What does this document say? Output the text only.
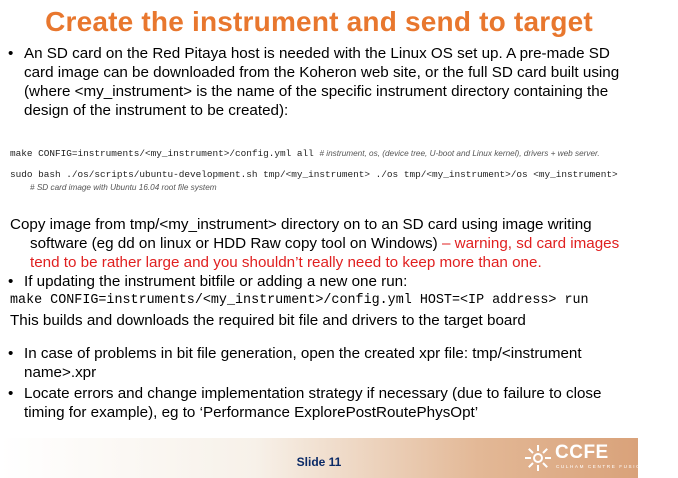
Create the instrument and send to target
• An SD card on the Red Pitaya host is needed with the Linux OS set up. A pre-made SD card image can be downloaded from the Koheron web site, or the full SD card built using (where <my_instrument> is the name of the specific instrument directory containing the design of the instrument to be created):
make CONFIG=instruments/<my_instrument>/config.yml all # instrument, os, (device tree, U-boot and Linux kernel), drivers + web server.
sudo bash ./os/scripts/ubuntu-development.sh tmp/<my_instrument> ./os tmp/<my_instrument>/os <my_instrument>
# SD card image with Ubuntu 16.04 root file system
Copy image from tmp/<my_instrument> directory on to an SD card using image writing
software (eg dd on linux or HDD Raw copy tool on Windows) – warning, sd card images
tend to be rather large and you shouldn’t really need to keep more than one.
• If updating the instrument bitfile or adding a new one run:
make CONFIG=instruments/<my_instrument>/config.yml HOST=<IP address> run
This builds and downloads the required bit file and drivers to the target board
• In case of problems in bit file generation, open the created xpr file: tmp/<instrument
name>.xpr
• Locate errors and change implementation strategy if necessary (due to failure to close
timing for example), eg to ‘Performance ExplorePostRoutePhysOpt’
Slide 11	CCFE
CULHAM CENTRE FUSION ENERGY
